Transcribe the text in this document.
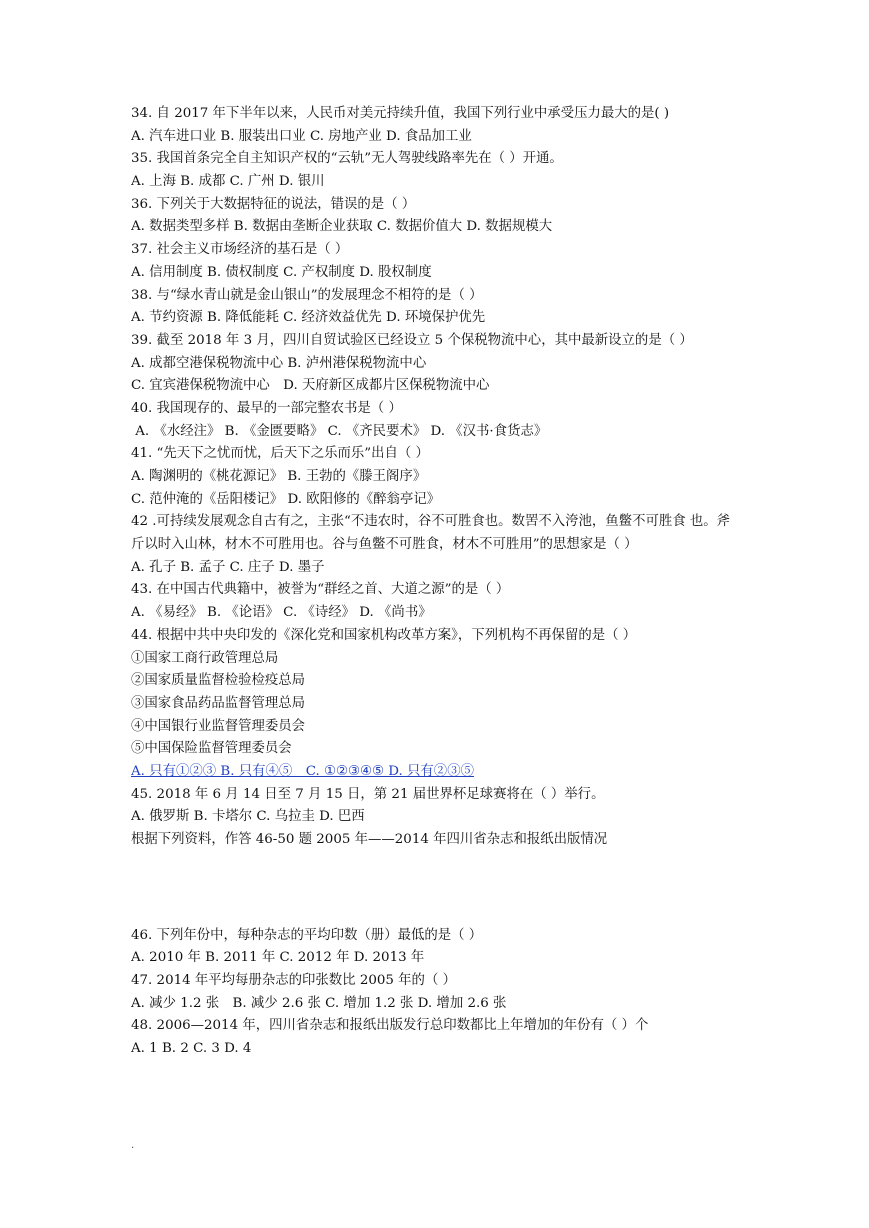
34. 自 2017 年下半年以来，人民币对美元持续升值，我国下列行业中承受压力最大的是( )
A. 汽车进口业 B. 服装出口业 C. 房地产业 D. 食品加工业
35. 我国首条完全自主知识产权的“云轨”无人驾驶线路率先在（ ）开通。
A. 上海 B. 成都 C. 广州 D. 银川
36. 下列关于大数据特征的说法，错误的是（ ）
A. 数据类型多样 B. 数据由垄断企业获取 C. 数据价值大 D. 数据规模大
37. 社会主义市场经济的基石是（ ）
A. 信用制度 B. 债权制度 C. 产权制度 D. 股权制度
38. 与“绿水青山就是金山银山”的发展理念不相符的是（ ）
A. 节约资源 B. 降低能耗 C. 经济效益优先 D. 环境保护优先
39. 截至 2018 年 3 月，四川自贸试验区已经设立 5 个保税物流中心，其中最新设立的是（ ）
A. 成都空港保税物流中心 B. 泸州港保税物流中心
C. 宜宾港保税物流中心　D. 天府新区成都片区保税物流中心
40. 我国现存的、最早的一部完整农书是（ ）
A. 《水经注》 B. 《金匮要略》 C. 《齐民要术》 D. 《汉书·食货志》
41. “先天下之忧而忧，后天下之乐而乐”出自（ ）
A. 陶渊明的《桃花源记》 B. 王勃的《滕王阁序》
C. 范仲淹的《岳阳楼记》 D. 欧阳修的《醉翁亭记》
42 .可持续发展观念自古有之，主张“不违农时，谷不可胜食也。数罟不入洿池，鱼鳖不可胜食 也。斧斤以时入山林，材木不可胜用也。谷与鱼鳖不可胜食，材木不可胜用”的思想家是（ ）
A. 孔子 B. 孟子 C. 庄子 D. 墨子
43. 在中国古代典籍中，被誉为“群经之首、大道之源”的是（ ）
A. 《易经》 B. 《论语》 C. 《诗经》 D. 《尚书》
44. 根据中共中央印发的《深化党和国家机构改革方案》，下列机构不再保留的是（ ）
①国家工商行政管理总局
②国家质量监督检验检疫总局
③国家食品药品监督管理总局
④中国银行业监督管理委员会
⑤中国保险监督管理委员会
A. 只有①②③ B. 只有④⑤　C. ①②③④⑤ D. 只有②③⑤
45. 2018 年 6 月 14 日至 7 月 15 日，第 21 届世界杯足球赛将在（ ）举行。
A. 俄罗斯 B. 卡塔尔 C. 乌拉圭 D. 巴西
根据下列资料，作答 46-50 题 2005 年——2014 年四川省杂志和报纸出版情况
46. 下列年份中，每种杂志的平均印数（册）最低的是（ ）
A. 2010 年 B. 2011 年 C. 2012 年 D. 2013 年
47. 2014 年平均每册杂志的印张数比 2005 年的（ ）
A. 减少 1.2 张　B. 减少 2.6 张 C. 增加 1.2 张 D. 增加 2.6 张
48. 2006—2014 年，四川省杂志和报纸出版发行总印数都比上年增加的年份有（ ）个
A. 1 B. 2 C. 3 D. 4
.
